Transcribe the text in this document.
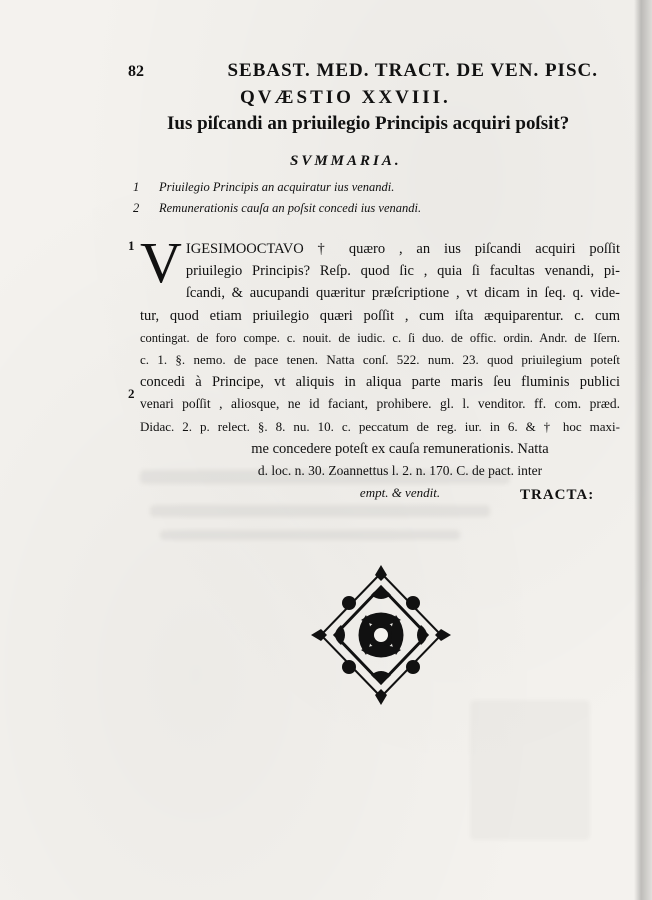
82	SEBAST. MED. TRACT. DE VEN. PISC.
QVÆSTIO XXVIII.
Ius piſcandi an priuilegio Principis acquiri poſsit?
SVMMARIA.
1	Priuilegio Principis an acquiratur ius venandi.
2	Remunerationis cauſa an poſsit concedi ius venandi.
1
2
V IGESIMOOCTAVO † quæro , an ius piſcandi acquiri poſſit
priuilegio Principis? Reſp. quod ſic , quia ſi facultas venandi, pi-
ſcandi, & aucupandi quæritur præſcriptione , vt dicam in ſeq. q. vide-
tur, quod etiam priuilegio quæri poſſit , cum iſta æquiparentur. c. cum
contingat. de foro compe. c. nouit. de iudic. c. ſi duo. de offic. ordin. Andr. de Iſern.
c. 1. §. nemo. de pace tenen. Natta conſ. 522. num. 23. quod priuilegium poteſt
concedi à Principe, vt aliquis in aliqua parte maris ſeu fluminis publici
venari poſſit , aliosque, ne id faciant, prohibere. gl. l. venditor. ff. com. præd.
Didac. 2. p. relect. §. 8. nu. 10. c. peccatum de reg. iur. in 6. & † hoc maxi-
me concedere poteſt ex cauſa remunerationis. Natta
d. loc. n. 30. Zoannettus l. 2. n. 170. C. de pact. inter
empt. & vendit.	TRACTA:
